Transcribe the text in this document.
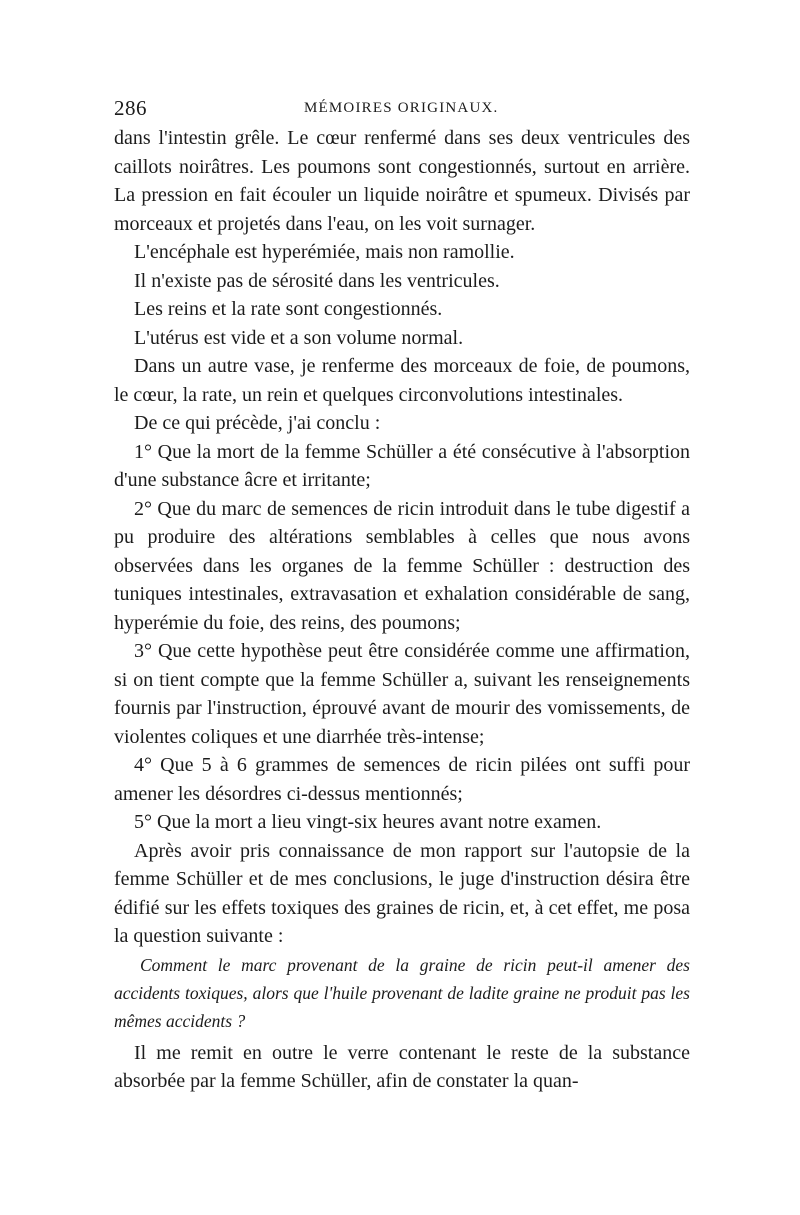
286	MÉMOIRES ORIGINAUX.

dans l'intestin grêle. Le cœur renfermé dans ses deux ventricules des caillots noirâtres. Les poumons sont congestionnés, surtout en arrière. La pression en fait écouler un liquide noirâtre et spumeux. Divisés par morceaux et projetés dans l'eau, on les voit surnager.

L'encéphale est hyperémiée, mais non ramollie.

Il n'existe pas de sérosité dans les ventricules.

Les reins et la rate sont congestionnés.

L'utérus est vide et a son volume normal.

Dans un autre vase, je renferme des morceaux de foie, de poumons, le cœur, la rate, un rein et quelques circonvolutions intestinales.

De ce qui précède, j'ai conclu :

1° Que la mort de la femme Schüller a été consécutive à l'absorption d'une substance âcre et irritante;

2° Que du marc de semences de ricin introduit dans le tube digestif a pu produire des altérations semblables à celles que nous avons observées dans les organes de la femme Schüller : destruction des tuniques intestinales, extravasation et exhalation considérable de sang, hyperémie du foie, des reins, des poumons;

3° Que cette hypothèse peut être considérée comme une affirmation, si on tient compte que la femme Schüller a, suivant les renseignements fournis par l'instruction, éprouvé avant de mourir des vomissements, de violentes coliques et une diarrhée très-intense;

4° Que 5 à 6 grammes de semences de ricin pilées ont suffi pour amener les désordres ci-dessus mentionnés;

5° Que la mort a lieu vingt-six heures avant notre examen.

Après avoir pris connaissance de mon rapport sur l'autopsie de la femme Schüller et de mes conclusions, le juge d'instruction désira être édifié sur les effets toxiques des graines de ricin, et, à cet effet, me posa la question suivante :

Comment le marc provenant de la graine de ricin peut-il amener des accidents toxiques, alors que l'huile provenant de ladite graine ne produit pas les mêmes accidents ?

Il me remit en outre le verre contenant le reste de la substance absorbée par la femme Schüller, afin de constater la quan-
